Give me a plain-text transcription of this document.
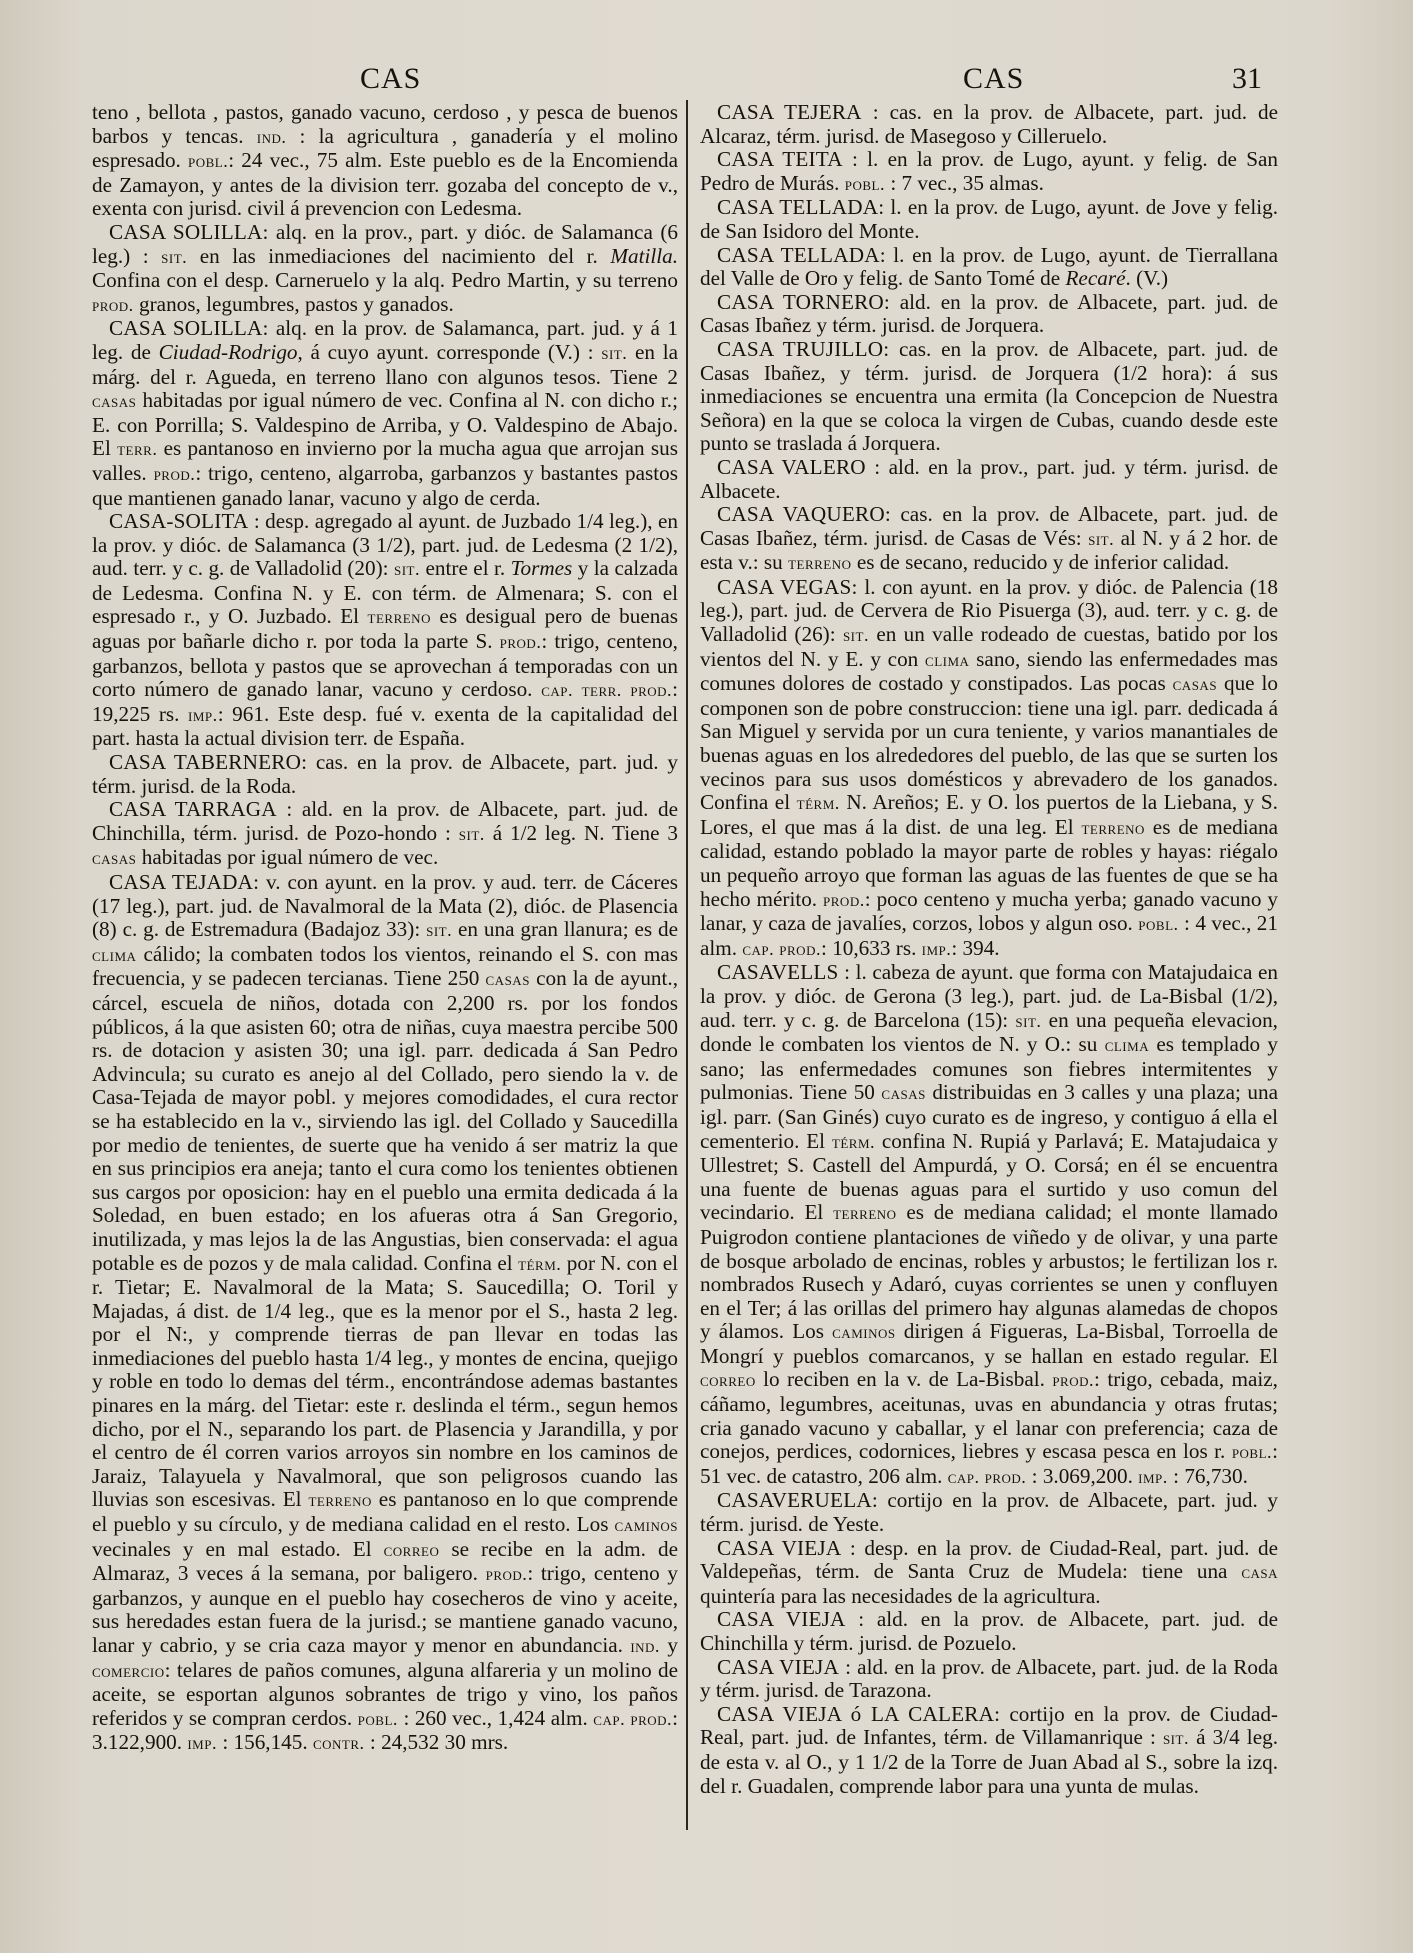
CAS	CAS	31

teno , bellota , pastos, ganado vacuno, cerdoso , y pesca de buenos barbos y tencas. ind. : la agricultura , ganadería y el molino espresado. pobl.: 24 vec., 75 alm. Este pueblo es de la Encomienda de Zamayon, y antes de la division terr. gozaba del concepto de v., exenta con jurisd. civil á prevencion con Ledesma.

CASA SOLILLA: alq. en la prov., part. y dióc. de Salamanca (6 leg.) : sit. en las inmediaciones del nacimiento del r. Matilla. Confina con el desp. Carneruelo y la alq. Pedro Martin, y su terreno prod. granos, legumbres, pastos y ganados.

CASA SOLILLA: alq. en la prov. de Salamanca, part. jud. y á 1 leg. de Ciudad-Rodrigo, á cuyo ayunt. corresponde (V.) : sit. en la márg. del r. Agueda, en terreno llano con algunos tesos. Tiene 2 casas habitadas por igual número de vec. Confina al N. con dicho r.; E. con Porrilla; S. Valdespino de Arriba, y O. Valdespino de Abajo. El terr. es pantanoso en invierno por la mucha agua que arrojan sus valles. prod.: trigo, centeno, algarroba, garbanzos y bastantes pastos que mantienen ganado lanar, vacuno y algo de cerda.

CASA-SOLITA : desp. agregado al ayunt. de Juzbado 1/4 leg.), en la prov. y dióc. de Salamanca (3 1/2), part. jud. de Ledesma (2 1/2), aud. terr. y c. g. de Valladolid (20): sit. entre el r. Tormes y la calzada de Ledesma. Confina N. y E. con térm. de Almenara; S. con el espresado r., y O. Juzbado. El terreno es desigual pero de buenas aguas por bañarle dicho r. por toda la parte S. prod.: trigo, centeno, garbanzos, bellota y pastos que se aprovechan á temporadas con un corto número de ganado lanar, vacuno y cerdoso. cap. terr. prod.: 19,225 rs. imp.: 961. Este desp. fué v. exenta de la capitalidad del part. hasta la actual division terr. de España.

CASA TABERNERO: cas. en la prov. de Albacete, part. jud. y térm. jurisd. de la Roda.

CASA TARRAGA : ald. en la prov. de Albacete, part. jud. de Chinchilla, térm. jurisd. de Pozo-hondo : sit. á 1/2 leg. N. Tiene 3 casas habitadas por igual número de vec.

CASA TEJADA: v. con ayunt. en la prov. y aud. terr. de Cáceres (17 leg.), part. jud. de Navalmoral de la Mata (2), dióc. de Plasencia (8) c. g. de Estremadura (Badajoz 33): sit. en una gran llanura; es de clima cálido; la combaten todos los vientos, reinando el S. con mas frecuencia, y se padecen tercianas. Tiene 250 casas con la de ayunt., cárcel, escuela de niños, dotada con 2,200 rs. por los fondos públicos, á la que asisten 60; otra de niñas, cuya maestra percibe 500 rs. de dotacion y asisten 30; una igl. parr. dedicada á San Pedro Advincula; su curato es anejo al del Collado, pero siendo la v. de Casa-Tejada de mayor pobl. y mejores comodidades, el cura rector se ha establecido en la v., sirviendo las igl. del Collado y Saucedilla por medio de tenientes, de suerte que ha venido á ser matriz la que en sus principios era aneja; tanto el cura como los tenientes obtienen sus cargos por oposicion: hay en el pueblo una ermita dedicada á la Soledad, en buen estado; en los afueras otra á San Gregorio, inutilizada, y mas lejos la de las Angustias, bien conservada: el agua potable es de pozos y de mala calidad. Confina el térm. por N. con el r. Tietar; E. Navalmoral de la Mata; S. Saucedilla; O. Toril y Majadas, á dist. de 1/4 leg., que es la menor por el S., hasta 2 leg. por el N:, y comprende tierras de pan llevar en todas las inmediaciones del pueblo hasta 1/4 leg., y montes de encina, quejigo y roble en todo lo demas del térm., encontrándose ademas bastantes pinares en la márg. del Tietar: este r. deslinda el térm., segun hemos dicho, por el N., separando los part. de Plasencia y Jarandilla, y por el centro de él corren varios arroyos sin nombre en los caminos de Jaraiz, Talayuela y Navalmoral, que son peligrosos cuando las lluvias son escesivas. El terreno es pantanoso en lo que comprende el pueblo y su círculo, y de mediana calidad en el resto. Los caminos vecinales y en mal estado. El correo se recibe en la adm. de Almaraz, 3 veces á la semana, por baligero. prod.: trigo, centeno y garbanzos, y aunque en el pueblo hay cosecheros de vino y aceite, sus heredades estan fuera de la jurisd.; se mantiene ganado vacuno, lanar y cabrio, y se cria caza mayor y menor en abundancia. ind. y comercio: telares de paños comunes, alguna alfareria y un molino de aceite, se esportan algunos sobrantes de trigo y vino, los paños referidos y se compran cerdos. pobl. : 260 vec., 1,424 alm. cap. prod.: 3.122,900. imp. : 156,145. contr. : 24,532 30 mrs.

CASA TEJERA : cas. en la prov. de Albacete, part. jud. de Alcaraz, térm. jurisd. de Masegoso y Cilleruelo.

CASA TEITA : l. en la prov. de Lugo, ayunt. y felig. de San Pedro de Murás. pobl. : 7 vec., 35 almas.

CASA TELLADA: l. en la prov. de Lugo, ayunt. de Jove y felig. de San Isidoro del Monte.

CASA TELLADA: l. en la prov. de Lugo, ayunt. de Tierrallana del Valle de Oro y felig. de Santo Tomé de Recaré. (V.)

CASA TORNERO: ald. en la prov. de Albacete, part. jud. de Casas Ibañez y térm. jurisd. de Jorquera.

CASA TRUJILLO: cas. en la prov. de Albacete, part. jud. de Casas Ibañez, y térm. jurisd. de Jorquera (1/2 hora): á sus inmediaciones se encuentra una ermita (la Concepcion de Nuestra Señora) en la que se coloca la virgen de Cubas, cuando desde este punto se traslada á Jorquera.

CASA VALERO : ald. en la prov., part. jud. y térm. jurisd. de Albacete.

CASA VAQUERO: cas. en la prov. de Albacete, part. jud. de Casas Ibañez, térm. jurisd. de Casas de Vés: sit. al N. y á 2 hor. de esta v.: su terreno es de secano, reducido y de inferior calidad.

CASA VEGAS: l. con ayunt. en la prov. y dióc. de Palencia (18 leg.), part. jud. de Cervera de Rio Pisuerga (3), aud. terr. y c. g. de Valladolid (26): sit. en un valle rodeado de cuestas, batido por los vientos del N. y E. y con clima sano, siendo las enfermedades mas comunes dolores de costado y constipados. Las pocas casas que lo componen son de pobre construccion: tiene una igl. parr. dedicada á San Miguel y servida por un cura teniente, y varios manantiales de buenas aguas en los alrededores del pueblo, de las que se surten los vecinos para sus usos domésticos y abrevadero de los ganados. Confina el térm. N. Areños; E. y O. los puertos de la Liebana, y S. Lores, el que mas á la dist. de una leg. El terreno es de mediana calidad, estando poblado la mayor parte de robles y hayas: riégalo un pequeño arroyo que forman las aguas de las fuentes de que se ha hecho mérito. prod.: poco centeno y mucha yerba; ganado vacuno y lanar, y caza de javalíes, corzos, lobos y algun oso. pobl. : 4 vec., 21 alm. cap. prod.: 10,633 rs. imp.: 394.

CASAVELLS : l. cabeza de ayunt. que forma con Matajudaica en la prov. y dióc. de Gerona (3 leg.), part. jud. de La-Bisbal (1/2), aud. terr. y c. g. de Barcelona (15): sit. en una pequeña elevacion, donde le combaten los vientos de N. y O.: su clima es templado y sano; las enfermedades comunes son fiebres intermitentes y pulmonias. Tiene 50 casas distribuidas en 3 calles y una plaza; una igl. parr. (San Ginés) cuyo curato es de ingreso, y contiguo á ella el cementerio. El térm. confina N. Rupiá y Parlavá; E. Matajudaica y Ullestret; S. Castell del Ampurdá, y O. Corsá; en él se encuentra una fuente de buenas aguas para el surtido y uso comun del vecindario. El terreno es de mediana calidad; el monte llamado Puigrodon contiene plantaciones de viñedo y de olivar, y una parte de bosque arbolado de encinas, robles y arbustos; le fertilizan los r. nombrados Rusech y Adaró, cuyas corrientes se unen y confluyen en el Ter; á las orillas del primero hay algunas alamedas de chopos y álamos. Los caminos dirigen á Figueras, La-Bisbal, Torroella de Mongrí y pueblos comarcanos, y se hallan en estado regular. El correo lo reciben en la v. de La-Bisbal. prod.: trigo, cebada, maiz, cáñamo, legumbres, aceitunas, uvas en abundancia y otras frutas; cria ganado vacuno y caballar, y el lanar con preferencia; caza de conejos, perdices, codornices, liebres y escasa pesca en los r. pobl.: 51 vec. de catastro, 206 alm. cap. prod. : 3.069,200. imp. : 76,730.

CASAVERUELA: cortijo en la prov. de Albacete, part. jud. y térm. jurisd. de Yeste.

CASA VIEJA : desp. en la prov. de Ciudad-Real, part. jud. de Valdepeñas, térm. de Santa Cruz de Mudela: tiene una casa quintería para las necesidades de la agricultura.

CASA VIEJA : ald. en la prov. de Albacete, part. jud. de Chinchilla y térm. jurisd. de Pozuelo.

CASA VIEJA : ald. en la prov. de Albacete, part. jud. de la Roda y térm. jurisd. de Tarazona.

CASA VIEJA ó LA CALERA: cortijo en la prov. de Ciudad-Real, part. jud. de Infantes, térm. de Villamanrique : sit. á 3/4 leg. de esta v. al O., y 1 1/2 de la Torre de Juan Abad al S., sobre la izq. del r. Guadalen, comprende labor para una yunta de mulas.
